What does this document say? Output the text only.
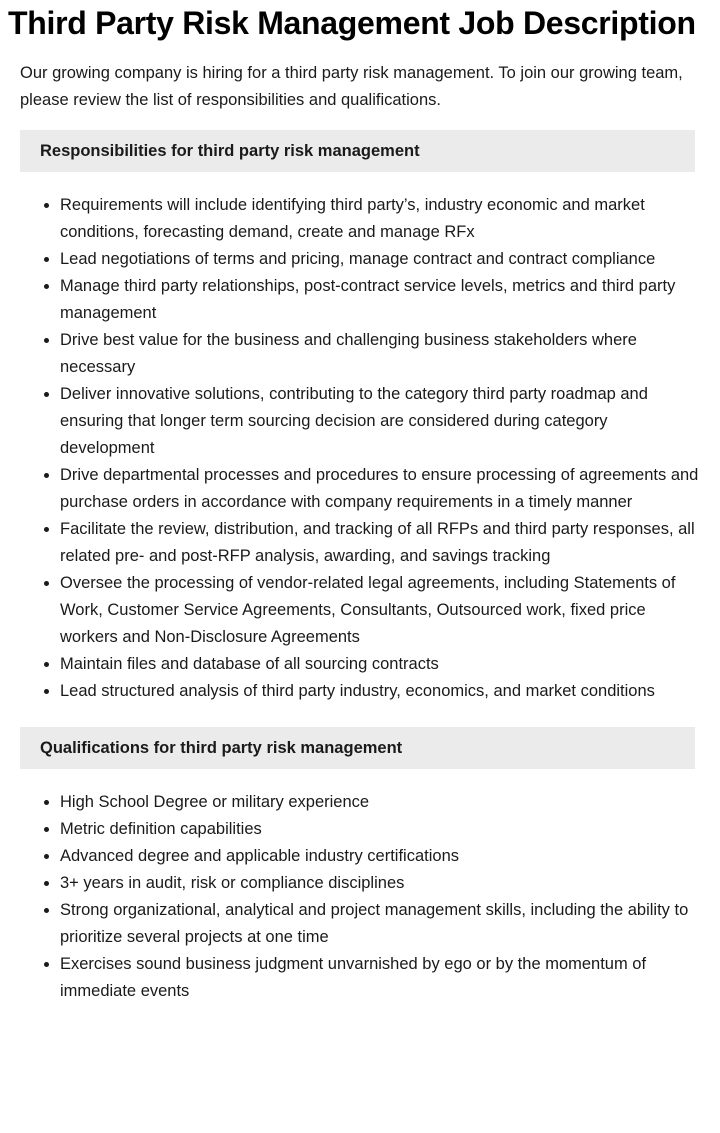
Third Party Risk Management Job Description

Our growing company is hiring for a third party risk management. To join our growing team, please review the list of responsibilities and qualifications.

Responsibilities for third party risk management
• Requirements will include identifying third party’s, industry economic and market conditions, forecasting demand, create and manage RFx
• Lead negotiations of terms and pricing, manage contract and contract compliance
• Manage third party relationships, post-contract service levels, metrics and third party management
• Drive best value for the business and challenging business stakeholders where necessary
• Deliver innovative solutions, contributing to the category third party roadmap and ensuring that longer term sourcing decision are considered during category development
• Drive departmental processes and procedures to ensure processing of agreements and purchase orders in accordance with company requirements in a timely manner
• Facilitate the review, distribution, and tracking of all RFPs and third party responses, all related pre- and post-RFP analysis, awarding, and savings tracking
• Oversee the processing of vendor-related legal agreements, including Statements of Work, Customer Service Agreements, Consultants, Outsourced work, fixed price workers and Non-Disclosure Agreements
• Maintain files and database of all sourcing contracts
• Lead structured analysis of third party industry, economics, and market conditions
Qualifications for third party risk management
• High School Degree or military experience
• Metric definition capabilities
• Advanced degree and applicable industry certifications
• 3+ years in audit, risk or compliance disciplines
• Strong organizational, analytical and project management skills, including the ability to prioritize several projects at one time
• Exercises sound business judgment unvarnished by ego or by the momentum of immediate events
